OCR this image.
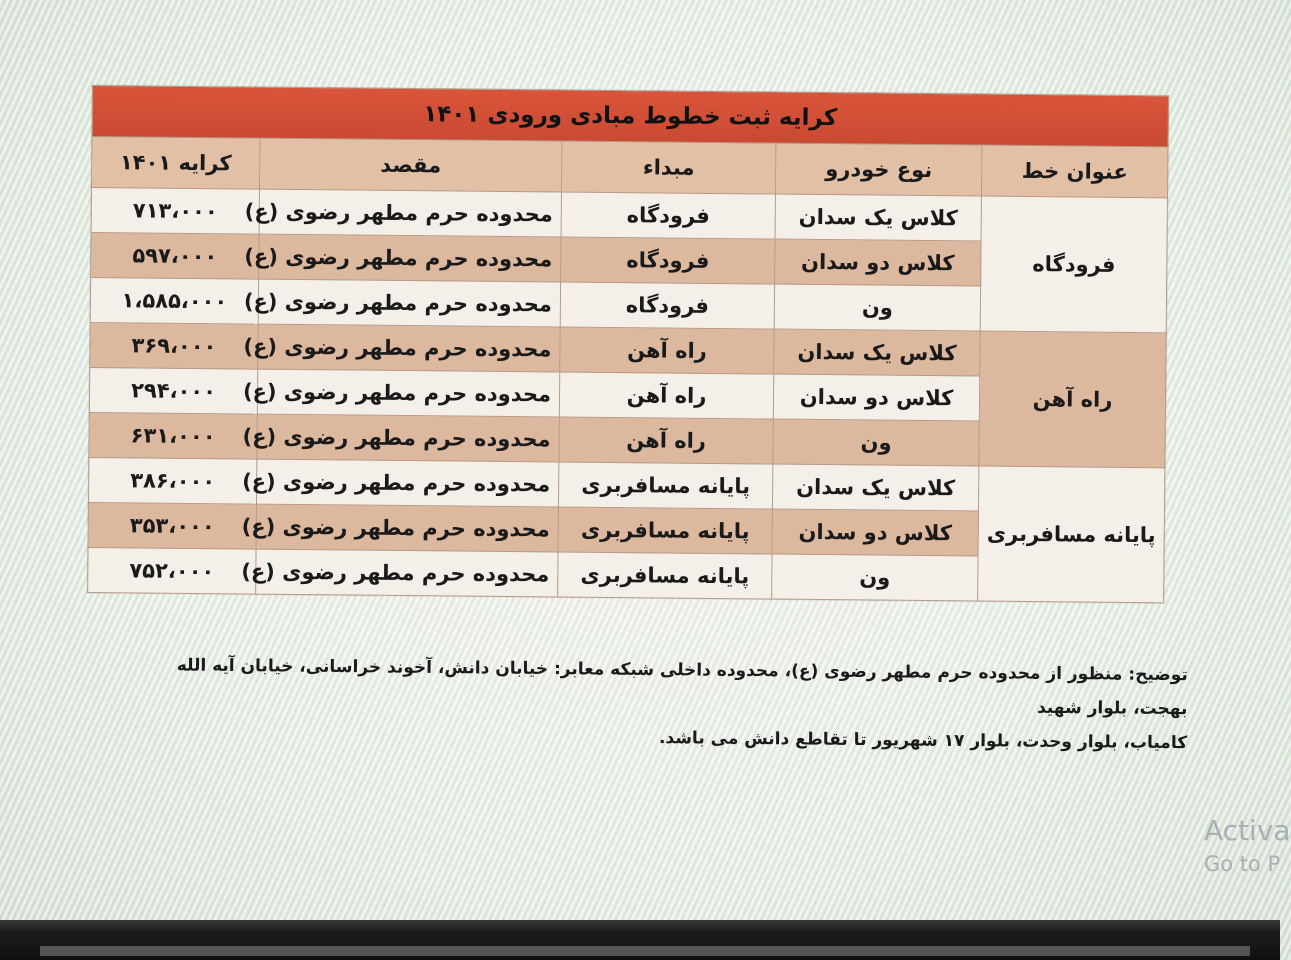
کرایه ثبت خطوط مبادی ورودی ۱۴۰۱				
عنوان خط	نوع خودرو	مبداء	مقصد	کرایه ۱۴۰۱
فرودگاه	کلاس یک سدان	فرودگاه	محدوده حرم مطهر رضوی (ع)	۷۱۳،۰۰۰
	کلاس دو سدان	فرودگاه	محدوده حرم مطهر رضوی (ع)	۵۹۷،۰۰۰
	ون	فرودگاه	محدوده حرم مطهر رضوی (ع)	۱،۵۸۵،۰۰۰
راه آهن	کلاس یک سدان	راه آهن	محدوده حرم مطهر رضوی (ع)	۳۶۹،۰۰۰
	کلاس دو سدان	راه آهن	محدوده حرم مطهر رضوی (ع)	۲۹۴،۰۰۰
	ون	راه آهن	محدوده حرم مطهر رضوی (ع)	۶۳۱،۰۰۰
پایانه مسافربری	کلاس یک سدان	پایانه مسافربری	محدوده حرم مطهر رضوی (ع)	۳۸۶،۰۰۰
	کلاس دو سدان	پایانه مسافربری	محدوده حرم مطهر رضوی (ع)	۳۵۳،۰۰۰
	ون	پایانه مسافربری	محدوده حرم مطهر رضوی (ع)	۷۵۲،۰۰۰
توضیح: منظور از محدوده حرم مطهر رضوی (ع)، محدوده داخلی شبکه معابر: خیابان دانش، آخوند خراسانی، خیابان آیه الله بهجت، بلوار شهید
کامیاب، بلوار وحدت، بلوار ۱۷ شهریور تا تقاطع دانش می باشد.
Activa
Go to P
